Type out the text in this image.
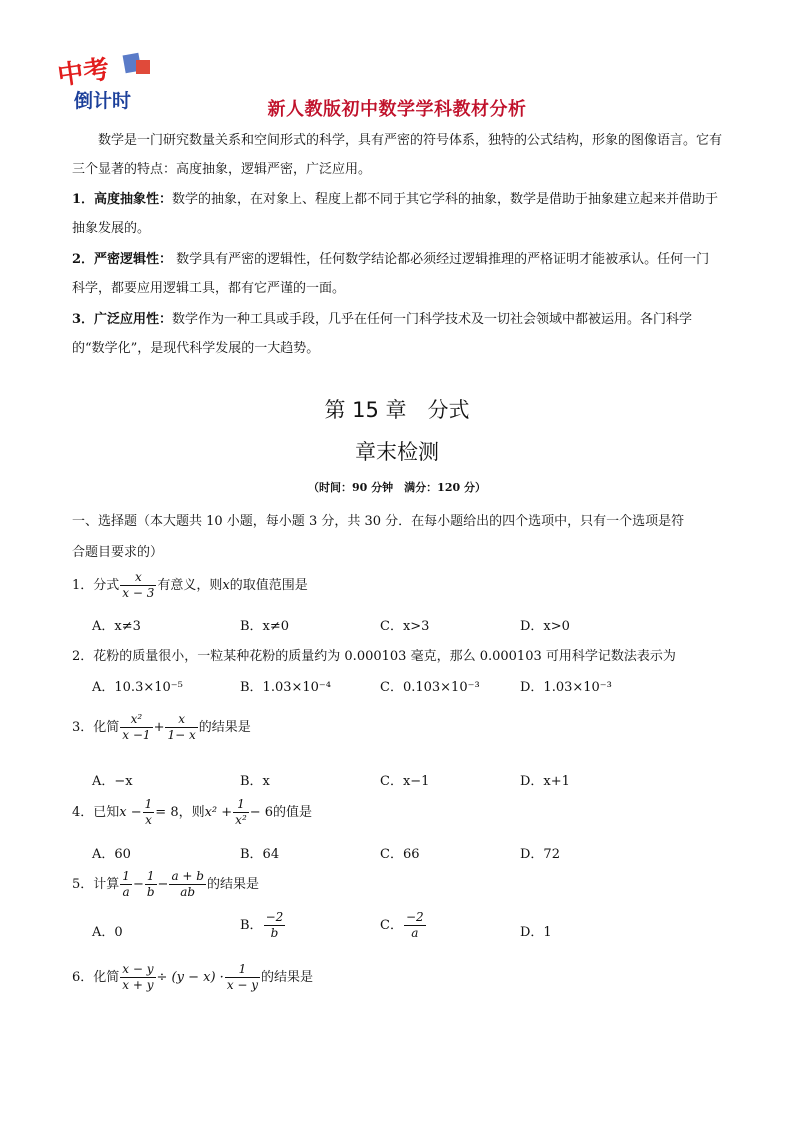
中考
倒计时	新人教版初中数学学科教材分析
数学是一门研究数量关系和空间形式的科学，具有严密的符号体系，独特的公式结构，形象的图像语言。它有三个显著的特点：高度抽象，逻辑严密，广泛应用。
1．高度抽象性：数学的抽象，在对象上、程度上都不同于其它学科的抽象，数学是借助于抽象建立起来并借助于抽象发展的。
2．严密逻辑性： 数学具有严密的逻辑性，任何数学结论都必须经过逻辑推理的严格证明才能被承认。任何一门科学，都要应用逻辑工具，都有它严谨的一面。
3．广泛应用性：数学作为一种工具或手段，几乎在任何一门科学技术及一切社会领域中都被运用。各门科学的“数学化”，是现代科学发展的一大趋势。
第 15 章　分式
章末检测
（时间：90 分钟　满分：120 分）
一、选择题（本大题共 10 小题，每小题 3 分，共 30 分．在每小题给出的四个选项中，只有一个选项是符
合题目要求的）
1．分式 $\frac{x}{x - 3}$ 有意义，则x的取值范围是
A．x≠3	B．x≠0	C．x>3	D．x>0
2．花粉的质量很小，一粒某种花粉的质量约为 0.000103 毫克，那么 0.000103 可用科学记数法表示为
A．10.3×10⁻⁵	B．1.03×10⁻⁴	C．0.103×10⁻³	D．1.03×10⁻³
3．化简 $\frac{\text{x²}}{x -1} + \frac{x}{1- x}$ 的结果是
A．−x	B．x	C．x−1	D．x+1
4．已知$x - \frac{1}{x} = 8$，则$x^2 + \frac{1}{\text{x²}} - 6$的值是
A．60	B．64	C．66	D．72
5．计算 $\frac{1}{a} - \frac{1}{b} - \frac{a + b}{ab}$ 的结果是
A．0	B． $\frac{-2}{b}$	C． $\frac{-2}{a}$	D．1
6．化简 $\frac{x - y}{x + y} \div (y - x) \cdot \frac{1}{x - y}$ 的结果是
